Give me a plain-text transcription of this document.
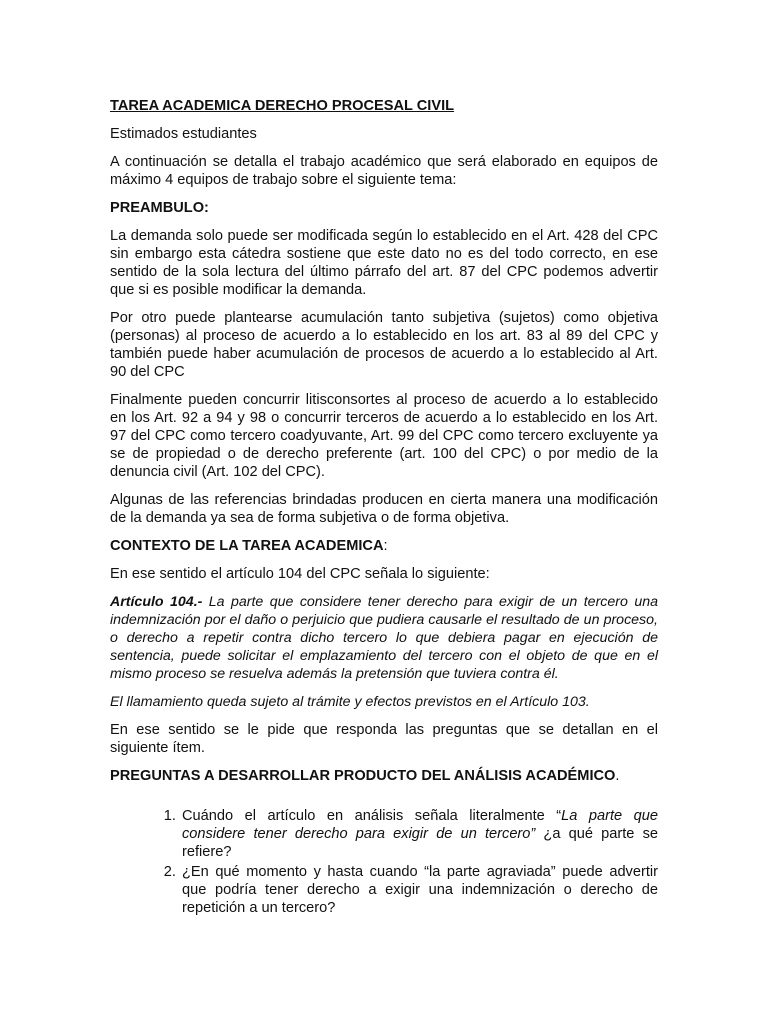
TAREA ACADEMICA DERECHO PROCESAL CIVIL

Estimados estudiantes

A continuación se detalla el trabajo académico que será elaborado en equipos de máximo 4 equipos de trabajo sobre el siguiente tema:

PREAMBULO:

La demanda solo puede ser modificada según lo establecido en el Art. 428 del CPC sin embargo esta cátedra sostiene que este dato no es del todo correcto, en ese sentido de la sola lectura del último párrafo del art. 87 del CPC podemos advertir que si es posible modificar la demanda.

Por otro puede plantearse acumulación tanto subjetiva (sujetos) como objetiva (personas) al proceso de acuerdo a lo establecido en los art. 83 al 89 del CPC y también puede haber acumulación de procesos de acuerdo a lo establecido al Art. 90 del CPC

Finalmente pueden concurrir litisconsortes al proceso de acuerdo a lo establecido en los Art. 92 a 94 y 98 o concurrir terceros de acuerdo a lo establecido en los Art. 97 del CPC como tercero coadyuvante, Art. 99 del CPC como tercero excluyente ya se de propiedad o de derecho preferente (art. 100 del CPC) o por medio de la denuncia civil (Art. 102 del CPC).

Algunas de las referencias brindadas producen en cierta manera una modificación de la demanda ya sea de forma subjetiva o de forma objetiva.

CONTEXTO DE LA TAREA ACADEMICA:

En ese sentido el artículo 104 del CPC señala lo siguiente:

Artículo 104.- La parte que considere tener derecho para exigir de un tercero una indemnización por el daño o perjuicio que pudiera causarle el resultado de un proceso, o derecho a repetir contra dicho tercero lo que debiera pagar en ejecución de sentencia, puede solicitar el emplazamiento del tercero con el objeto de que en el mismo proceso se resuelva además la pretensión que tuviera contra él.

El llamamiento queda sujeto al trámite y efectos previstos en el Artículo 103.

En ese sentido se le pide que responda las preguntas que se detallan en el siguiente ítem.

PREGUNTAS A DESARROLLAR PRODUCTO DEL ANÁLISIS ACADÉMICO.

1. Cuándo el artículo en análisis señala literalmente “La parte que considere tener derecho para exigir de un tercero” ¿a qué parte se refiere?
2. ¿En qué momento y hasta cuando “la parte agraviada” puede advertir que podría tener derecho a exigir una indemnización o derecho de repetición a un tercero?
